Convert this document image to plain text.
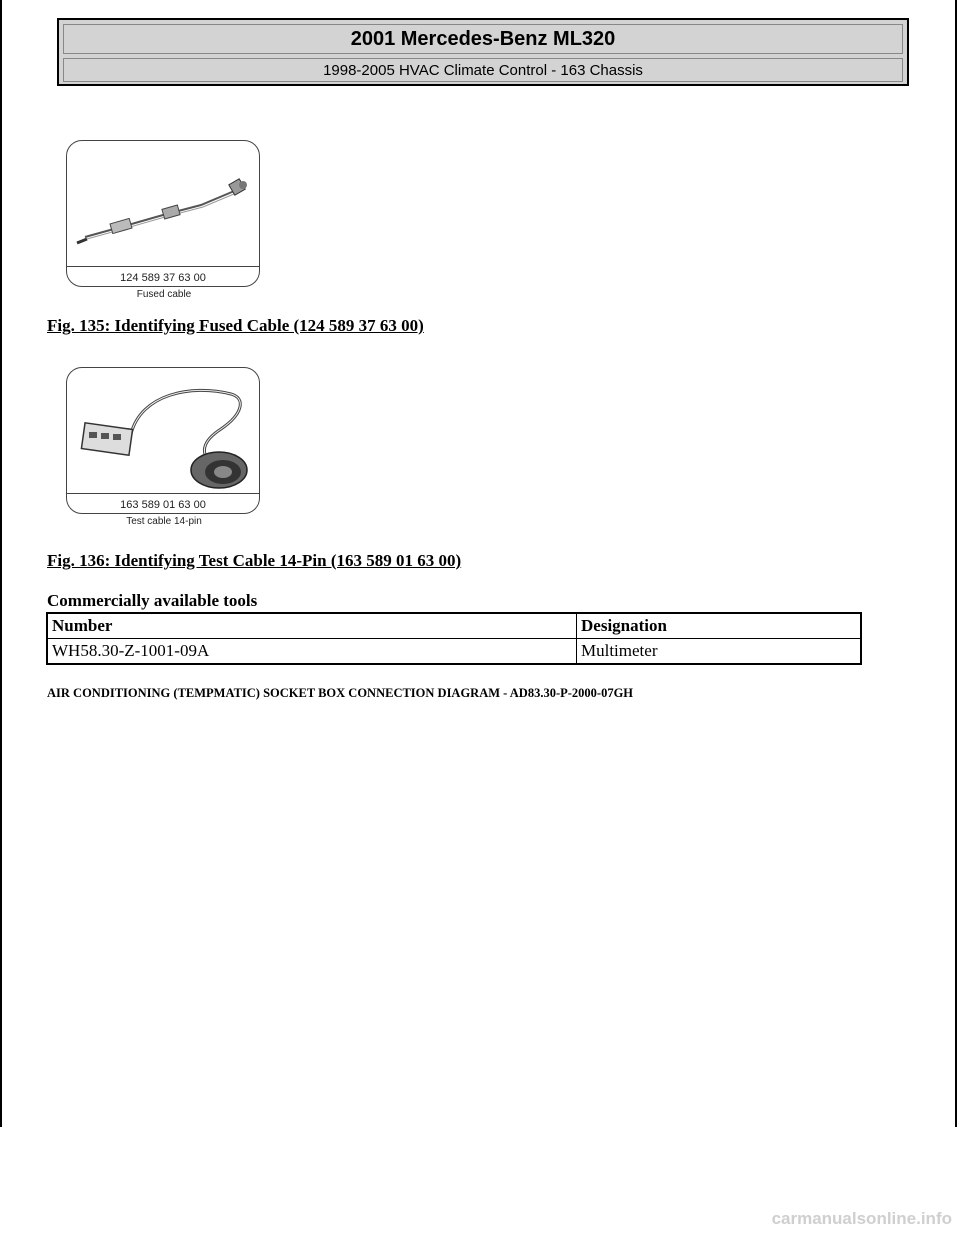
2001 Mercedes-Benz ML320
1998-2005 HVAC Climate Control - 163 Chassis
124 589 37 63 00
Fused cable
Fig. 135: Identifying Fused Cable (124 589 37 63 00)
163 589 01 63 00
Test cable 14-pin
Fig. 136: Identifying Test Cable 14-Pin (163 589 01 63 00)
Commercially available tools
Number	Designation
WH58.30-Z-1001-09A	Multimeter
AIR CONDITIONING (TEMPMATIC) SOCKET BOX CONNECTION DIAGRAM - AD83.30-P-2000-07GH
carmanualsonline.info
